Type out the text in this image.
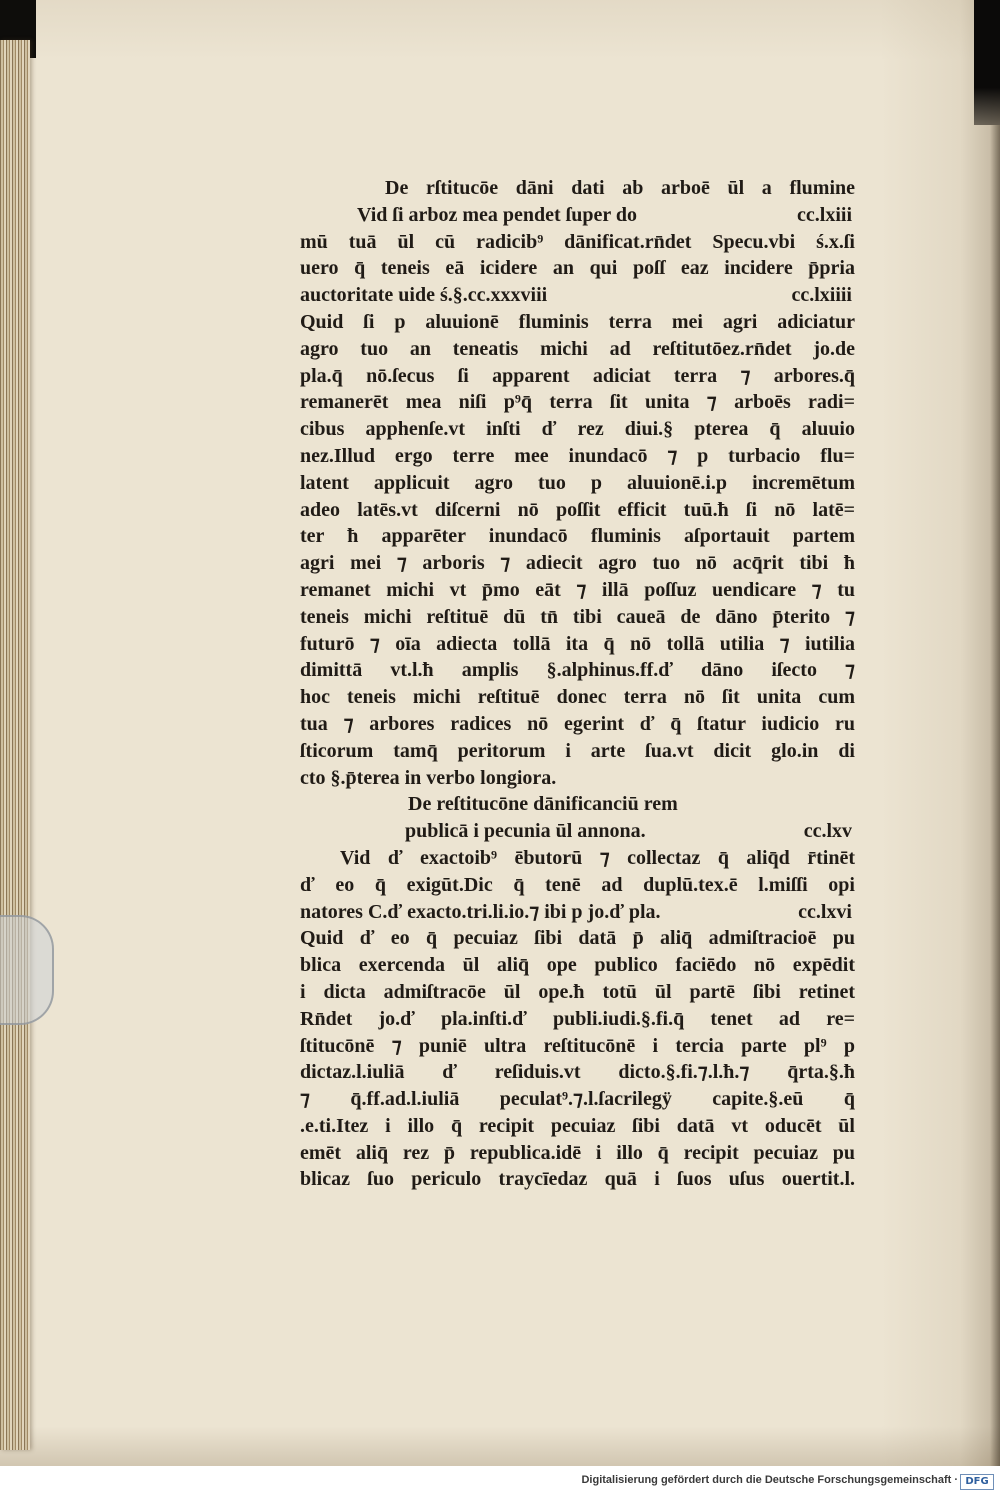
De rſtitucōe dāni dati ab arboē ūl a flumine
Vid ſi arboz mea pendet ſuper do	cc.lxiii
mū tuā ūl cū radicib⁹ dānificat.rn̄det Specu.vbi ś.x.ſi
uero q̄ teneis eā icidere an qui poſſ eaz incidere p̄pria
auctoritate uide ś.§.cc.xxxviii	cc.lxiiii
Quid ſi p aluuionē fluminis terra mei agri adiciatur
agro tuo an teneatis michi ad reſtitutōez.rn̄det jo.de
pla.q̄ nō.ſecus ſi apparent adiciat terra ⁊ arbores.q̄
remanerēt mea niſi p⁹q̄ terra ſit unita ⁊ arboēs radi=
cibus apphenſe.vt inſti ď rez diui.§ pterea q̄ aluuio
nez.Illud ergo terre mee inundacō ⁊ p turbacio flu=
latent applicuit agro tuo p aluuionē.i.p incremētum
adeo latēs.vt diſcerni nō poſſit efficit tuū.ħ ſi nō latē=
ter ħ apparēter inundacō fluminis aſportauit partem
agri mei ⁊ arboris ⁊ adiecit agro tuo nō acq̄rit tibi ħ
remanet michi vt p̄mo eāt ⁊ illā poſſuz uendicare ⁊ tu
teneis michi reſtituē dū tn̄ tibi caueā de dāno p̄terito ⁊
futurō ⁊ oīa adiecta tollā ita q̄ nō tollā utilia ⁊ iutilia
dimittā vt.l.ħ amplis §.alphinus.ff.ď dāno iſecto ⁊
hoc teneis michi reſtituē donec terra nō ſit unita cum
tua ⁊ arbores radices nō egerint ď q̄ ſtatur iudicio ru
ſticorum tamq̄ peritorum i arte ſua.vt dicit glo.in di
cto §.p̄terea in verbo longiora.
De reſtitucōne dānificanciū rem
publicā i pecunia ūl annona.	cc.lxv
Vid ď exactoib⁹ ēbutorū ⁊ collectaz q̄ aliq̄d r̄tinēt
ď eo q̄ exigūt.Dic q̄ tenē ad duplū.tex.ē l.miſſi opi
natores C.ď exacto.tri.li.io.⁊ ibi p jo.ď pla.	cc.lxvi
Quid ď eo q̄ pecuiaz ſibi datā p̄ aliq̄ admiſtracioē pu
blica exercenda ūl aliq̄ ope publico faciēdo nō expēdit
i dicta admiſtracōe ūl ope.ħ totū ūl partē ſibi retinet
Rn̄det jo.ď pla.inſti.ď publi.iudi.§.fi.q̄ tenet ad re=
ſtitucōnē ⁊ puniē ultra reſtitucōnē i tercia parte pl⁹ p
dictaz.l.iuliā ď reſiduis.vt dicto.§.fi.⁊.l.ħ.⁊ q̄rta.§.ħ
⁊ q̄.ff.ad.l.iuliā peculat⁹.⁊.l.ſacrilegÿ capite.§.eū q̄
.e.ti.Itez i illo q̄ recipit pecuiaz ſibi datā vt oducēt ūl
emēt aliq̄ rez p̄ republica.idē i illo q̄ recipit pecuiaz pu
blicaz ſuo periculo traycīedaz quā i ſuos uſus ouertit.l.
Digitalisierung gefördert durch die Deutsche Forschungsgemeinschaft · DFG
